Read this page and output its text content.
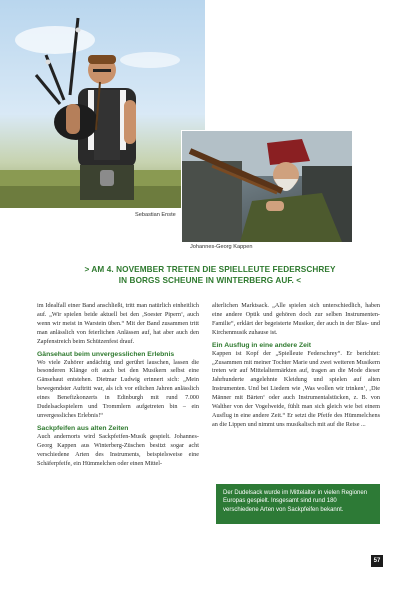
Sebastian Enste
Johannes-Georg Kappen
> AM 4. NOVEMBER TRETEN DIE SPIELLEUTE FEDERSCHREY
IN BORGS SCHEUNE IN WINTERBERG AUF. <

im Idealfall einer Band anschließt, tritt man natürlich einheitlich auf. „Wir spielen beide aktuell bei den ‚Soester Pipern‘, auch wenn wir meist in Warstein üben.“ Mit der Band zusammen tritt man anlässlich von feierlichen Anlässen auf, hat aber auch den Zapfenstreich beim Schützenfest drauf.

Gänsehaut beim unvergesslichen Erlebnis

Wo viele Zuhörer andächtig und gerührt lauschen, lassen die besonderen Klänge oft auch bei den Musikern selbst eine Gänsehaut entstehen. Dietmar Ludwig erinnert sich: „Mein bewegendster Auftritt war, als ich vor etlichen Jahren anlässlich eines Benefizkonzerts in Edinburgh mit rund 7.000 Dudelsackspielern und Trommlern aufgetreten bin – ein unvergessliches Erlebnis!“

Sackpfeifen aus alten Zeiten

Auch andernorts wird Sackpfeifen-Musik gespielt. Johannes-Georg Kappen aus Winterberg-Züschen besitzt sogar acht verschiedene Arten des Instruments, beispielsweise eine Schäferpfeife, ein Hümmelchen oder einen Mittel-

alterlichen Marktsack. „Alle spielen sich unterschiedlich, haben eine andere Optik und gehören doch zur selben Instrumenten-Familie“, erklärt der begeisterte Musiker, der auch in der Blas- und Kirchenmusik zuhause ist.

Ein Ausflug in eine andere Zeit

Kappen ist Kopf der „Spielleute Federschrey“. Er berichtet: „Zusammen mit meiner Tochter Marie und zwei weiteren Musikern treten wir auf Mittelaltermärkten auf, tragen an die Mode dieser Jahrhunderte angelehnte Kleidung und spielen auf alten Instrumenten. Und bei Liedern wie ‚Was wollen wir trinken‘, ‚Die Männer mit Bärten‘ oder auch Instrumentalstücken, z. B. von Walther von der Vogelweide, fühlt man sich gleich wie bei einem Ausflug in eine andere Zeit.“ Er setzt die Pfeife des Hümmelchens an die Lippen und nimmt uns musikalisch mit auf die Reise ...

Der Dudelsack wurde im Mittelalter in vielen Regionen Europas gespielt. Insgesamt sind rund 180 verschiedene Arten von Sackpfeifen bekannt.
57
